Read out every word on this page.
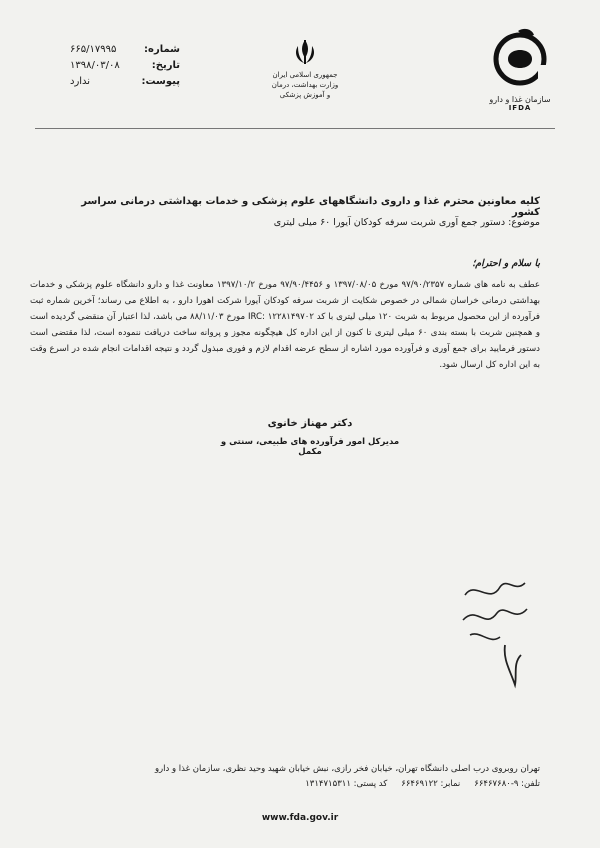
شماره:
۶۶۵/۱۷۹۹۵
تاریخ:
۱۳۹۸/۰۳/۰۸
پیوست:
ندارد
جمهوری اسلامی ایران
وزارت بهداشت، درمان
و آموزش پزشکی	سازمان غذا و دارو
IFDA
کلیه معاونین محترم غذا و داروی دانشگاههای علوم پزشکی و خدمات بهداشتی درمانی سراسر کشور
موضوع: دستور جمع آوری شربت سرفه کودکان آیورا ۶۰ میلی لیتری
با سلام و احترام؛
عطف به نامه های شماره ۹۷/۹۰/۲۳۵۷ مورخ ۱۳۹۷/۰۸/۰۵ و ۹۷/۹۰/۴۴۵۶ مورخ ۱۳۹۷/۱۰/۲ معاونت غذا و دارو دانشگاه علوم پزشکی و خدمات بهداشتی درمانی خراسان شمالی در خصوص شکایت از شربت سرفه کودکان آیورا شرکت اهورا دارو ، به اطلاع می رساند؛ آخرین شماره ثبت فرآورده از این محصول مربوط به شربت ۱۲۰ میلی لیتری با کد IRC: ۱۲۲۸۱۴۹۷۰۲ مورخ ۸۸/۱۱/۰۳ می باشد، لذا اعتبار آن منقضی گردیده است و همچنین شربت با بسته بندی ۶۰ میلی لیتری تا کنون از این اداره کل هیچگونه مجوز و پروانه ساخت دریافت ننموده است، لذا مقتضی است دستور فرمایید برای جمع آوری و فرآورده مورد اشاره از سطح عرضه اقدام لازم و فوری مبذول گردد و نتیجه اقدامات انجام شده در اسرع وقت به این اداره کل ارسال شود.
دکتر مهناز خانوی
مدیرکل امور فرآورده های طبیعی، سنتی و مکمل
تهران روبروی درب اصلی دانشگاه تهران، خیابان فخر رازی، نبش خیابان شهید وحید نظری، سازمان غذا و دارو
تلفن: ۹-۶۶۴۶۷۶۸۰
نمابر: ۶۶۴۶۹۱۲۲
کد پستی: ۱۳۱۴۷۱۵۳۱۱
www.fda.gov.ir
